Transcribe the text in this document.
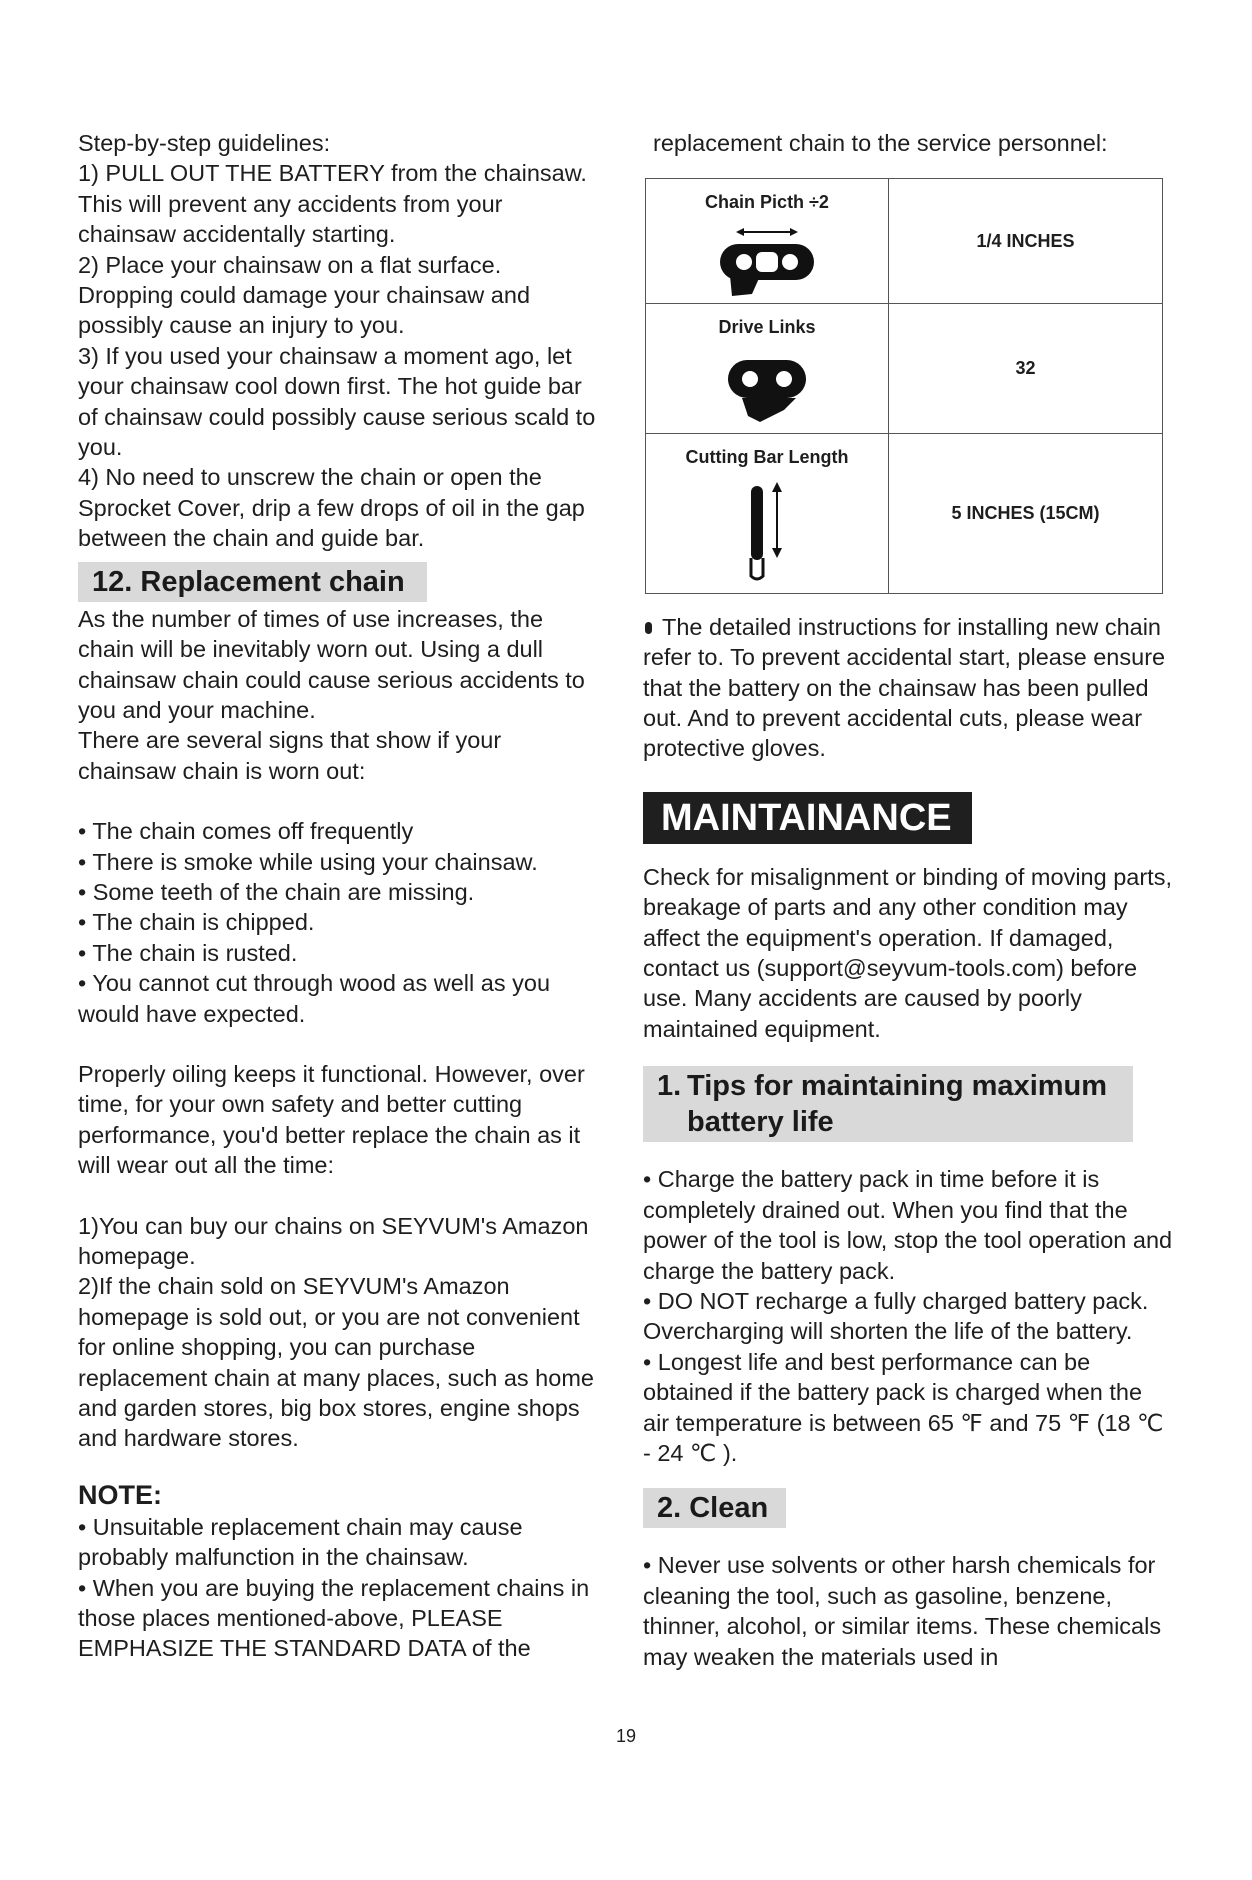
Step-by-step guidelines:

1) PULL OUT THE BATTERY from the chainsaw. This will prevent any accidents from your chainsaw accidentally starting.

2) Place your chainsaw on a flat surface. Dropping could damage your chainsaw and possibly cause an injury to you.

3) If you used your chainsaw a moment ago, let your chainsaw cool down first. The hot guide bar of chainsaw could possibly cause serious scald to you.

4) No need to unscrew the chain or open the Sprocket Cover, drip a few drops of oil in the gap between the chain and guide bar.

12. Replacement chain

As the number of times of use increases, the chain will be inevitably worn out. Using a dull chainsaw chain could cause serious accidents to you and your machine.

There are several signs that show if your chainsaw chain is worn out:

• The chain comes off frequently

• There is smoke while using your chainsaw.

• Some teeth of the chain are missing.

• The chain is chipped.

• The chain is rusted.

• You cannot cut through wood as well as you would have expected.

Properly oiling keeps it functional. However, over time, for your own safety and better cutting performance, you'd better replace the chain as it will wear out all the time:

1)You can buy our chains on SEYVUM's Amazon homepage.

2)If the chain sold on SEYVUM's Amazon homepage is sold out, or you are not convenient for online shopping, you can purchase replacement chain at many places, such as home and garden stores, big box stores, engine shops and hardware stores.

NOTE:

• Unsuitable replacement chain may cause probably malfunction in the chainsaw.

• When you are buying the replacement chains in those places mentioned-above, PLEASE EMPHASIZE THE STANDARD DATA of the

replacement chain to the service personnel:

Chain Picth ÷2	1/4 INCHES

Drive Links	32

Cutting Bar Length	5 INCHES (15CM)

The detailed instructions for installing new chain refer to. To prevent accidental start, please ensure that the battery on the chainsaw has been pulled out. And to prevent accidental cuts, please wear protective gloves.

MAINTAINANCE

Check for misalignment or binding of moving parts, breakage of parts and any other condition may affect the equipment's operation. If damaged, contact us (support@seyvum-tools.com) before use. Many accidents are caused by poorly maintained equipment.

1. Tips for maintaining maximum battery life

• Charge the battery pack in time before it is completely drained out. When you find that the power of the tool is low, stop the tool operation and charge the battery pack.

• DO NOT recharge a fully charged battery pack. Overcharging will shorten the life of the battery.

• Longest life and best performance can be obtained if the battery pack is charged when the air temperature is between 65 ℉ and 75 ℉ (18 ℃ - 24 ℃ ).

2. Clean

• Never use solvents or other harsh chemicals for cleaning the tool, such as gasoline, benzene, thinner, alcohol, or similar items. These chemicals may weaken the materials used in

19
